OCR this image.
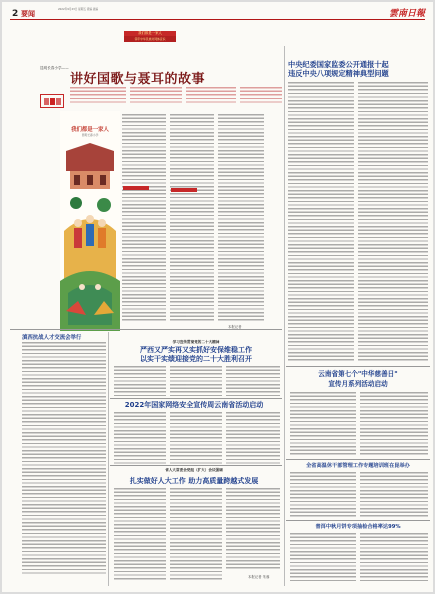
2 要闻
2022年9月23日 星期五 责编 美编	雲南日報
我们都是一家人
铸牢中华民族共同体意识
昆明长春小学——
讲好国歌与聂耳的故事
我们都是一家人
昆明长春小学
本报记者
中央纪委国家监委公开通报十起
违反中央八项规定精神典型问题
滇西抗战人才交流会举行
学习宣传贯彻党的二十大精神
严西又严实再又实抓好安保维稳工作
以实干实绩迎接党的二十大胜利召开
2022年国家网络安全宣传周云南省活动启动
省人大常委会党组（扩大）会议强调
扎实做好人大工作 助力高质量跨越式发展
本报记者 朱蓉
云南省第七个"中华慈善日"
宣传月系列活动启动
全省高温休干部管理工作专题培训班在昆举办
普洱中秋月饼专项抽检合格率达99%
